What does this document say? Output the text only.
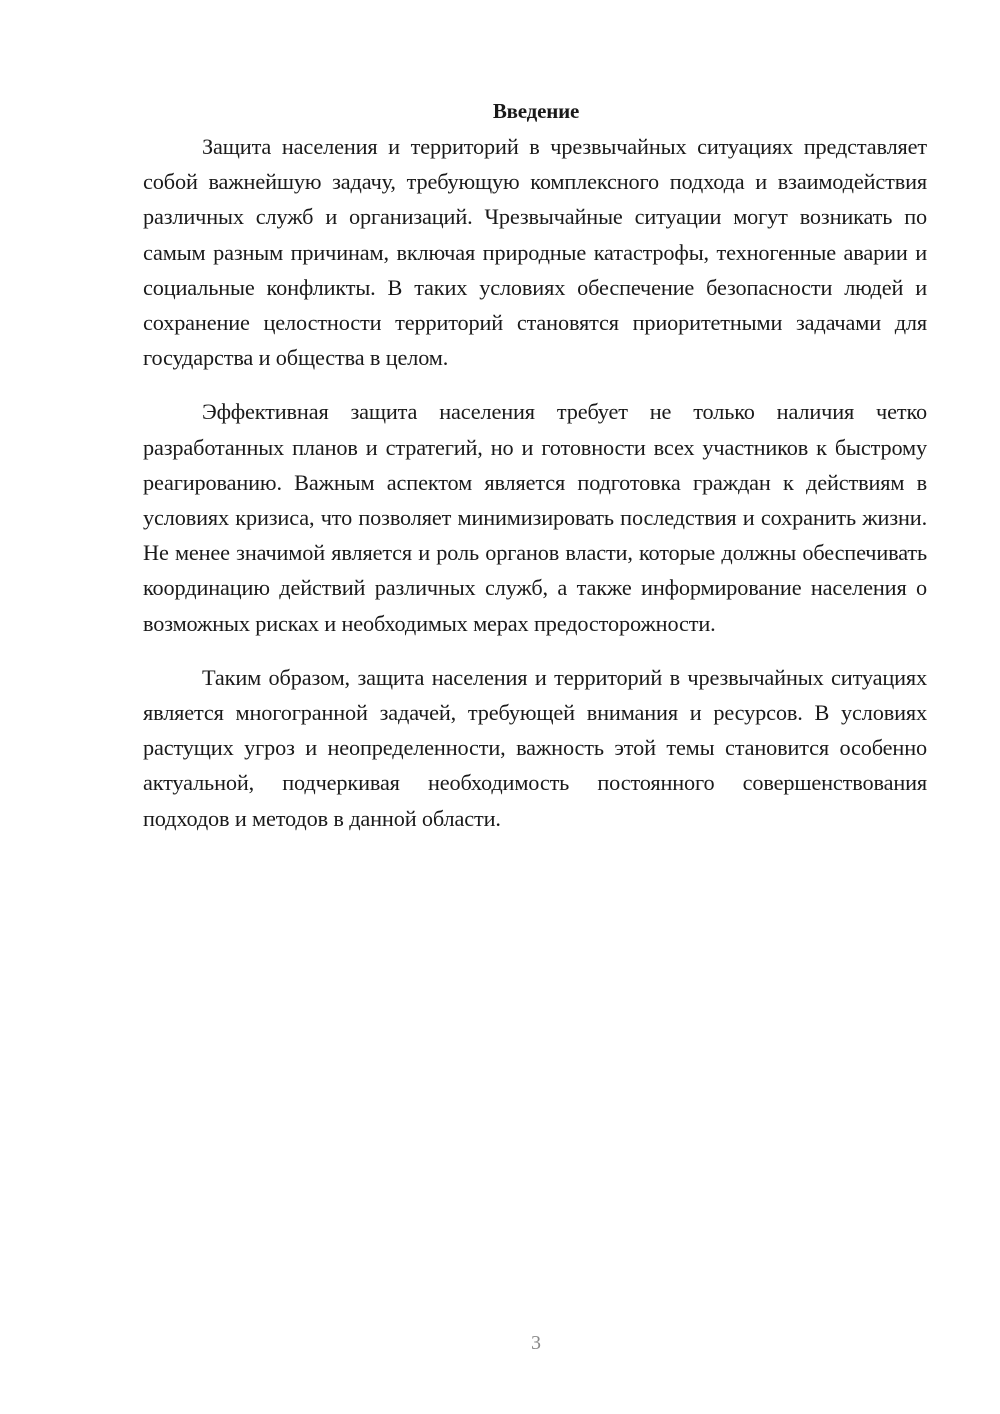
Введение

Защита населения и территорий в чрезвычайных ситуациях представляет собой важнейшую задачу, требующую комплексного подхода и взаимодействия различных служб и организаций. Чрезвычайные ситуации могут возникать по самым разным причинам, включая природные катастрофы, техногенные аварии и социальные конфликты. В таких условиях обеспечение безопасности людей и сохранение целостности территорий становятся приоритетными задачами для государства и общества в целом.

Эффективная защита населения требует не только наличия четко разработанных планов и стратегий, но и готовности всех участников к быстрому реагированию. Важным аспектом является подготовка граждан к действиям в условиях кризиса, что позволяет минимизировать последствия и сохранить жизни. Не менее значимой является и роль органов власти, которые должны обеспечивать координацию действий различных служб, а также информирование населения о возможных рисках и необходимых мерах предосторожности.

Таким образом, защита населения и территорий в чрезвычайных ситуациях является многогранной задачей, требующей внимания и ресурсов. В условиях растущих угроз и неопределенности, важность этой темы становится особенно актуальной, подчеркивая необходимость постоянного совершенствования подходов и методов в данной области.

3
